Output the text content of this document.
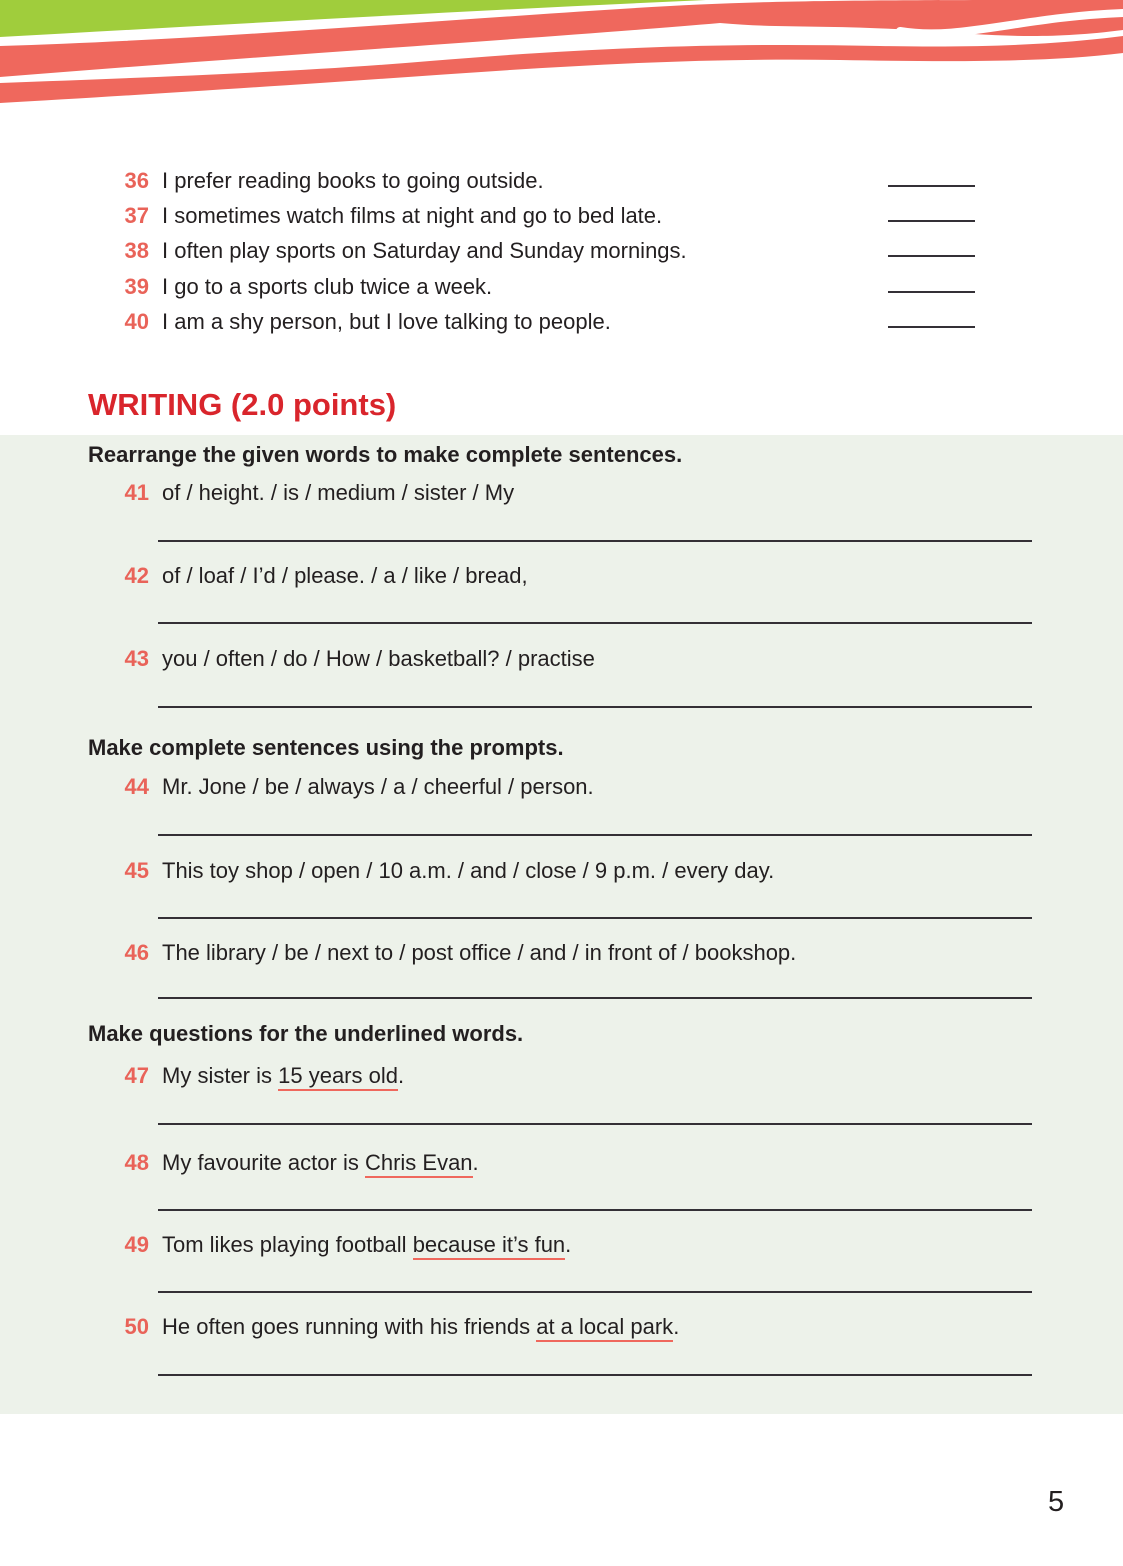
36 I prefer reading books to going outside.
37 I sometimes watch films at night and go to bed late.
38 I often play sports on Saturday and Sunday mornings.
39 I go to a sports club twice a week.
40 I am a shy person, but I love talking to people.
WRITING (2.0 points)
Rearrange the given words to make complete sentences.
41 of / height. / is / medium / sister / My
42 of / loaf / I’d / please. / a / like / bread,
43 you / often / do / How / basketball? / practise
Make complete sentences using the prompts.
44 Mr. Jone / be / always / a / cheerful / person.
45 This toy shop / open / 10 a.m. / and / close / 9 p.m. / every day.
46 The library / be / next to / post office / and / in front of / bookshop.
Make questions for the underlined words.
47 My sister is 15 years old.
48 My favourite actor is Chris Evan.
49 Tom likes playing football because it’s fun.
50 He often goes running with his friends at a local park.
5
